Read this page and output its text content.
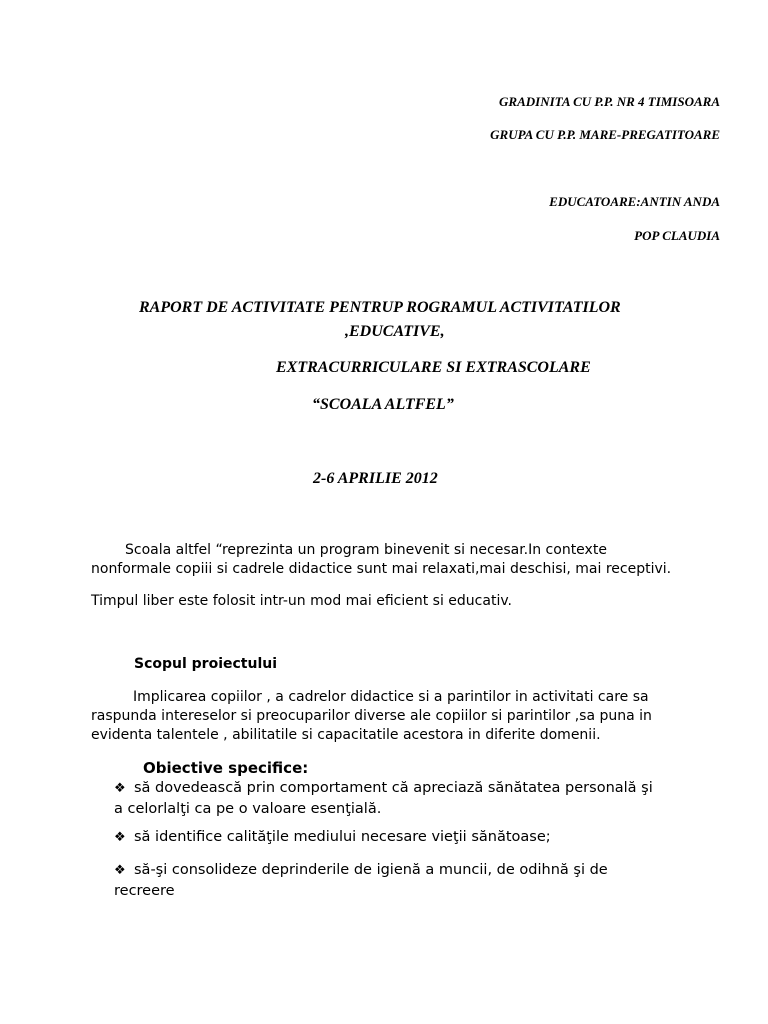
GRADINITA CU P.P. NR 4 TIMISOARA
GRUPA CU P.P. MARE-PREGATITOARE
EDUCATOARE:ANTIN ANDA
POP CLAUDIA
RAPORT DE ACTIVITATE PENTRUP ROGRAMUL ACTIVITATILOR
,EDUCATIVE,
EXTRACURRICULARE SI EXTRASCOLARE
“SCOALA ALTFEL”
2-6 APRILIE 2012
Scoala altfel “reprezinta un program binevenit si necesar.In contexte
nonformale copiii si cadrele didactice sunt mai relaxati,mai deschisi, mai receptivi.
Timpul liber este folosit intr-un mod mai eficient si educativ.
Scopul proiectului
Implicarea copiilor , a cadrelor didactice si a parintilor in activitati care sa
raspunda intereselor si preocuparilor diverse ale copiilor si parintilor ,sa puna in
evidenta talentele , abilitatile si capacitatile acestora in diferite domenii.
Obiective specifice:
❖ să dovedească prin comportament că apreciază sănătatea personală şi
a celorlalţi ca pe o valoare esenţială.
❖ să identifice calităţile mediului necesare vieţii sănătoase;
❖ să-şi consolideze deprinderile de igienă a muncii, de odihnă şi de
recreere
